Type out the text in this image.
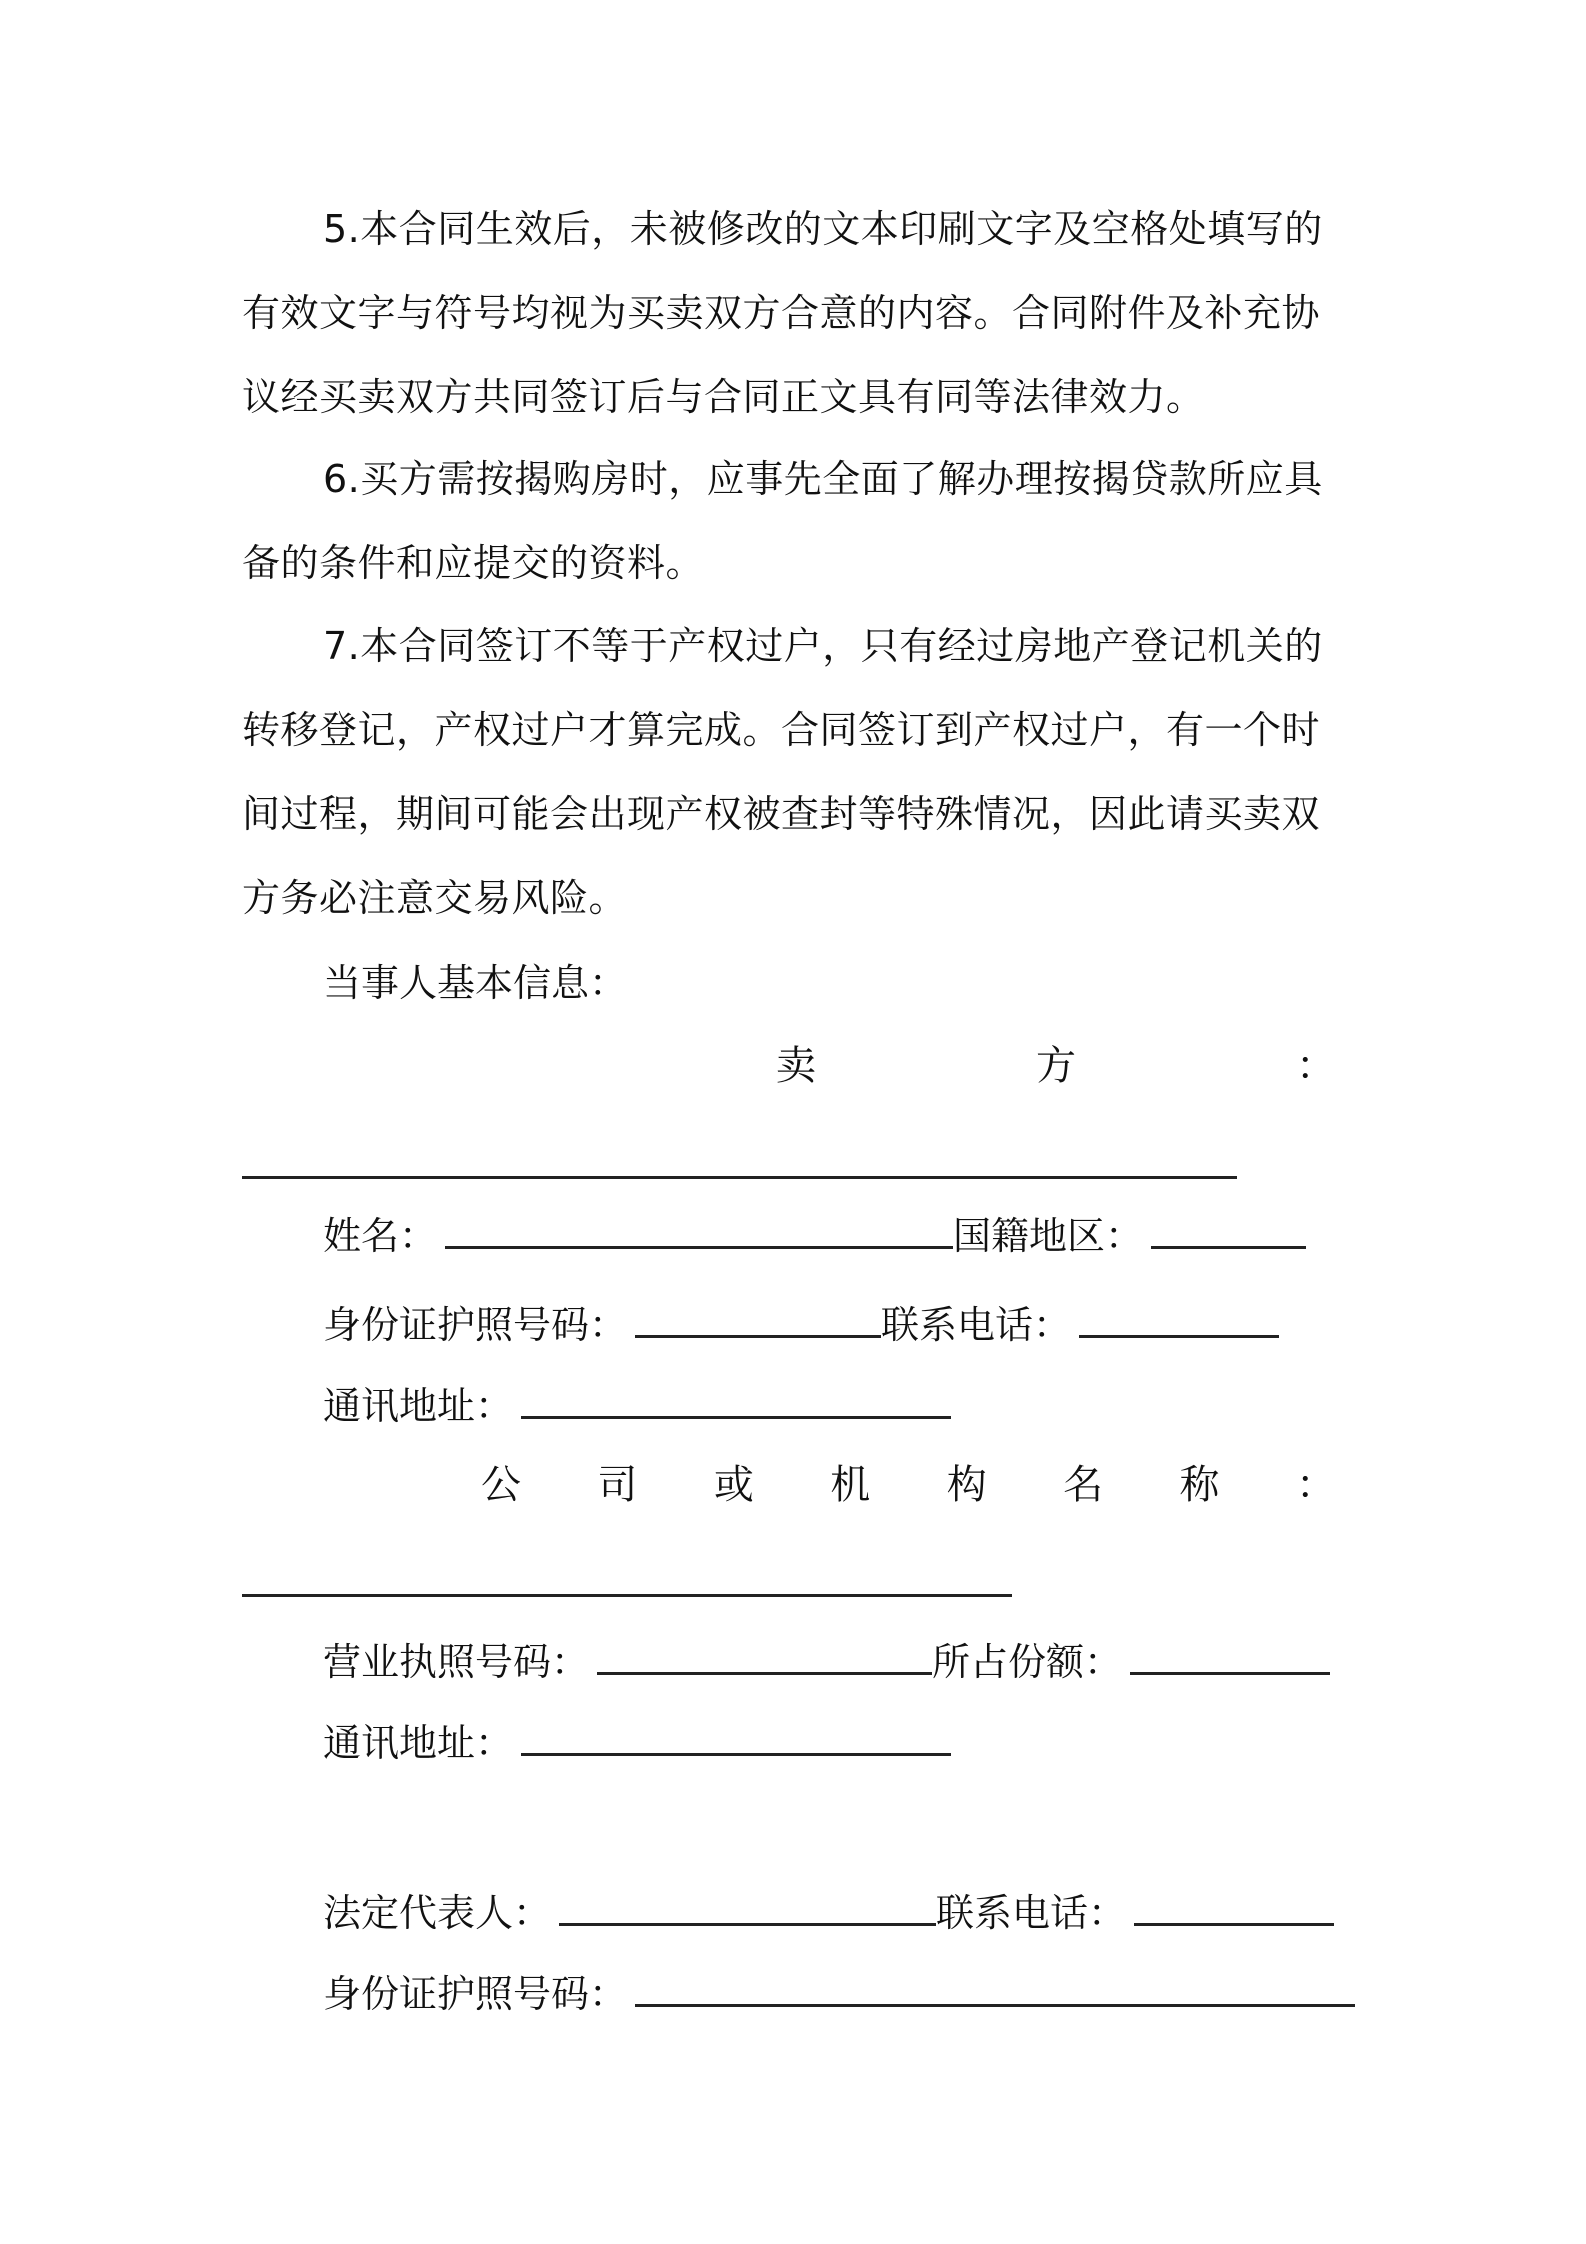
5.本合同生效后，未被修改的文本印刷文字及空格处填写的有效文字与符号均视为买卖双方合意的内容。合同附件及补充协议经买卖双方共同签订后与合同正文具有同等法律效力。

6.买方需按揭购房时，应事先全面了解办理按揭贷款所应具备的条件和应提交的资料。

7.本合同签订不等于产权过户，只有经过房地产登记机关的转移登记，产权过户才算完成。合同签订到产权过户，有一个时间过程，期间可能会出现产权被查封等特殊情况，因此请买卖双方务必注意交易风险。

当事人基本信息：
卖	方	：
姓名：	国籍地区：
身份证护照号码：	联系电话：
通讯地址：
公 司 或 机 构 名 称 ：
营业执照号码：	所占份额：
通讯地址：
法定代表人：	联系电话：
身份证护照号码：
